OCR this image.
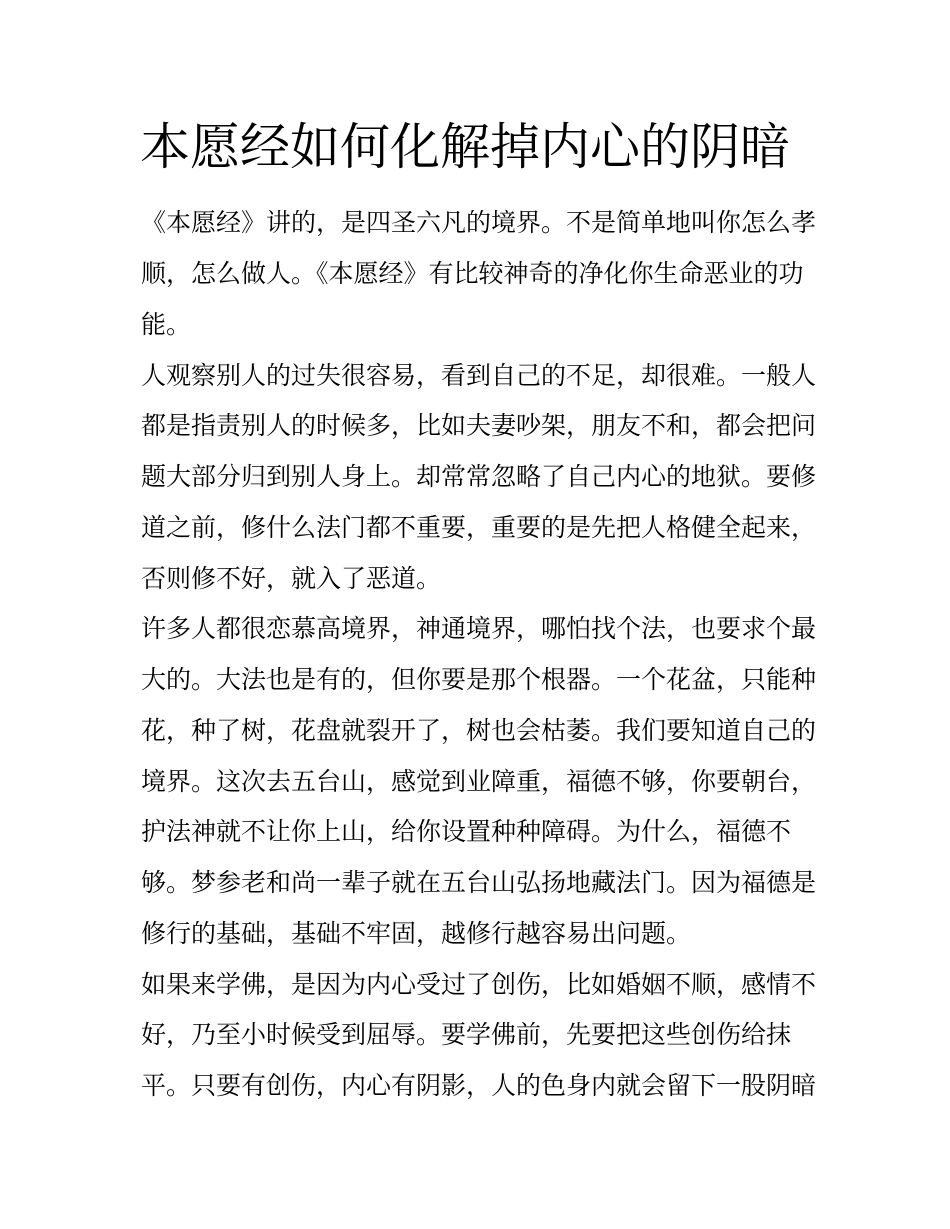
本愿经如何化解掉内心的阴暗

《本愿经》讲的，是四圣六凡的境界。不是简单地叫你怎么孝

顺，怎么做人。《本愿经》有比较神奇的净化你生命恶业的功

能。

人观察别人的过失很容易，看到自己的不足，却很难。一般人

都是指责别人的时候多，比如夫妻吵架，朋友不和，都会把问

题大部分归到别人身上。却常常忽略了自己内心的地狱。要修

道之前，修什么法门都不重要，重要的是先把人格健全起来，

否则修不好，就入了恶道。

许多人都很恋慕高境界，神通境界，哪怕找个法，也要求个最

大的。大法也是有的，但你要是那个根器。一个花盆，只能种

花，种了树，花盘就裂开了，树也会枯萎。我们要知道自己的

境界。这次去五台山，感觉到业障重，福德不够，你要朝台，

护法神就不让你上山，给你设置种种障碍。为什么，福德不

够。梦参老和尚一辈子就在五台山弘扬地藏法门。因为福德是

修行的基础，基础不牢固，越修行越容易出问题。

如果来学佛，是因为内心受过了创伤，比如婚姻不顺，感情不

好，乃至小时候受到屈辱。要学佛前，先要把这些创伤给抹

平。只要有创伤，内心有阴影，人的色身内就会留下一股阴暗
